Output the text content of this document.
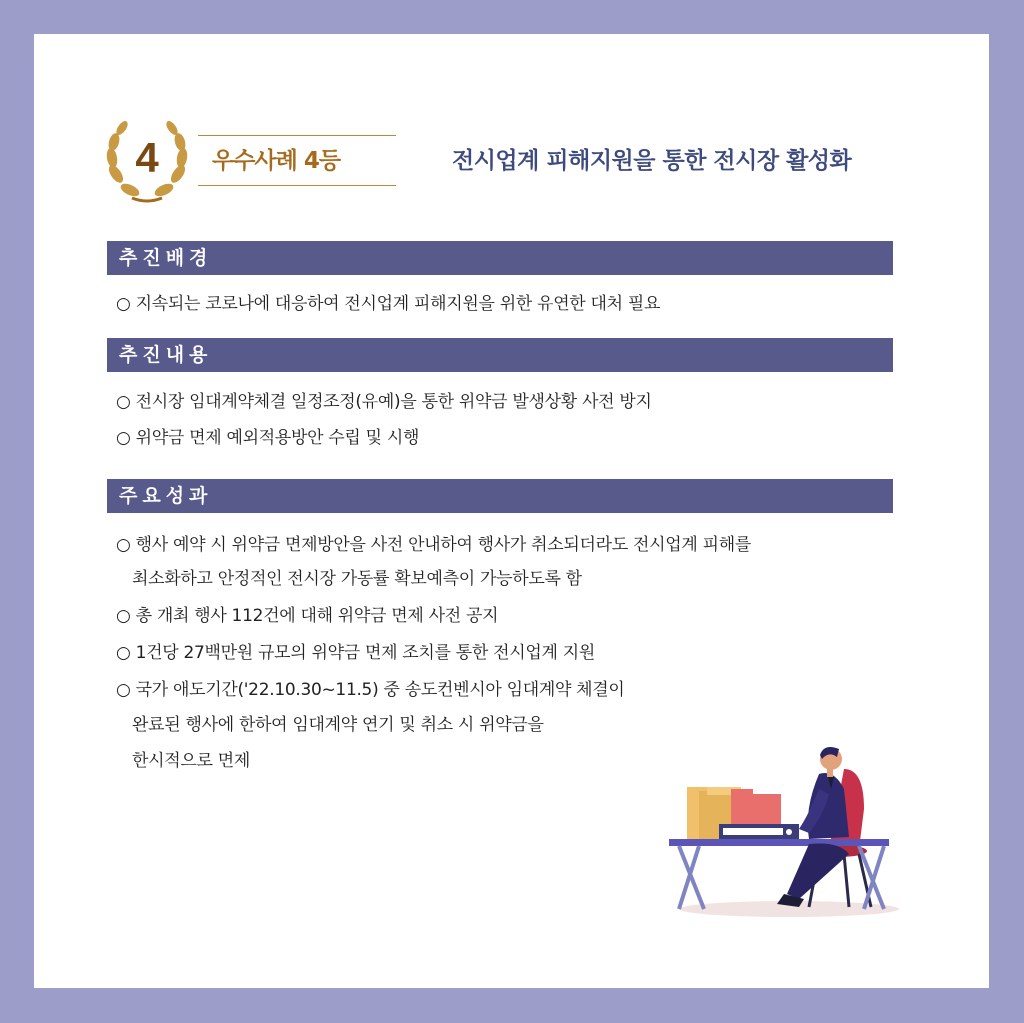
4 우수사례 4등	전시업계 피해지원을 통한 전시장 활성화
추진배경
○ 지속되는 코로나에 대응하여 전시업계 피해지원을 위한 유연한 대처 필요
추진내용
○ 전시장 임대계약체결 일정조정(유예)을 통한 위약금 발생상황 사전 방지
○ 위약금 면제 예외적용방안 수립 및 시행
주요성과
○ 행사 예약 시 위약금 면제방안을 사전 안내하여 행사가 취소되더라도 전시업계 피해를
최소화하고 안정적인 전시장 가동률 확보예측이 가능하도록 함
○ 총 개최 행사 112건에 대해 위약금 면제 사전 공지
○ 1건당 27백만원 규모의 위약금 면제 조치를 통한 전시업계 지원
○ 국가 애도기간('22.10.30~11.5) 중 송도컨벤시아 임대계약 체결이
완료된 행사에 한하여 임대계약 연기 및 취소 시 위약금을
한시적으로 면제
